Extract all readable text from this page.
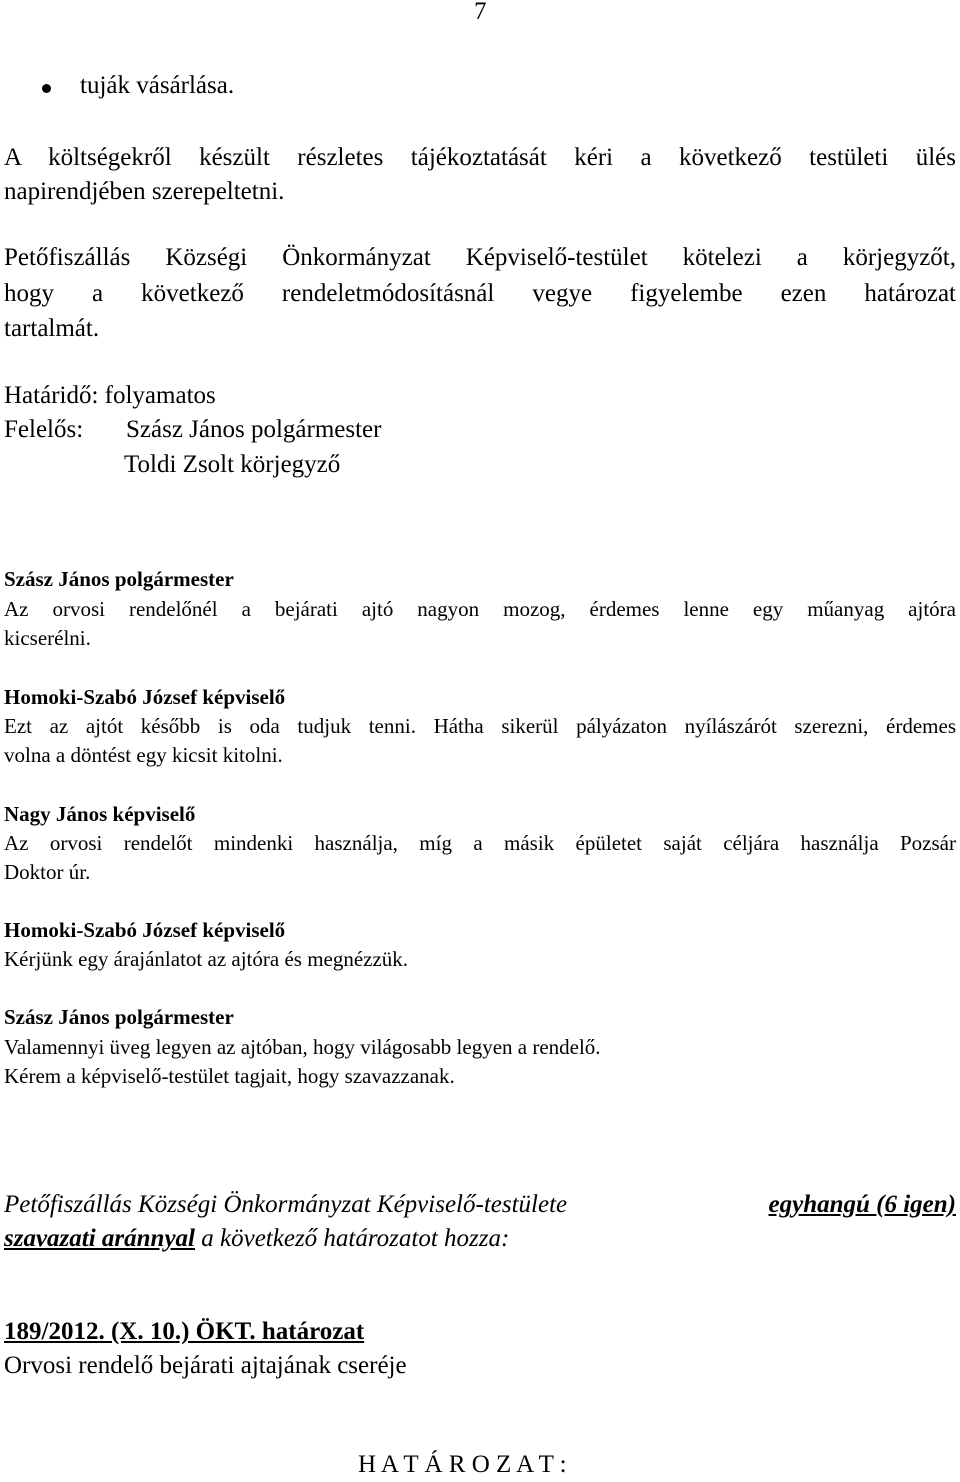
7
tuják vásárlása.
A költségekről készült részletes tájékoztatását kéri a következő testületi ülés
napirendjében szerepeltetni.
Petőfiszállás Községi Önkormányzat Képviselő-testület kötelezi a körjegyzőt,
hogy a következő rendeletmódosításnál vegye figyelembe ezen határozat
tartalmát.
Határidő: folyamatos
Felelős: Szász János polgármester
Toldi Zsolt körjegyző
Szász János polgármester
Az orvosi rendelőnél a bejárati ajtó nagyon mozog, érdemes lenne egy műanyag ajtóra
kicserélni.
Homoki-Szabó József képviselő
Ezt az ajtót később is oda tudjuk tenni. Hátha sikerül pályázaton nyílászárót szerezni, érdemes
volna a döntést egy kicsit kitolni.
Nagy János képviselő
Az orvosi rendelőt mindenki használja, míg a másik épületet saját céljára használja Pozsár
Doktor úr.
Homoki-Szabó József képviselő
Kérjünk egy árajánlatot az ajtóra és megnézzük.
Szász János polgármester
Valamennyi üveg legyen az ajtóban, hogy világosabb legyen a rendelő.
Kérem a képviselő-testület tagjait, hogy szavazzanak.
Petőfiszállás Községi Önkormányzat Képviselő-testülete	egyhangú (6 igen)
szavazati aránnyal a következő határozatot hozza:
189/2012. (X. 10.) ÖKT. határozat
Orvosi rendelő bejárati ajtajának cseréje
H A T Á R O Z A T :
